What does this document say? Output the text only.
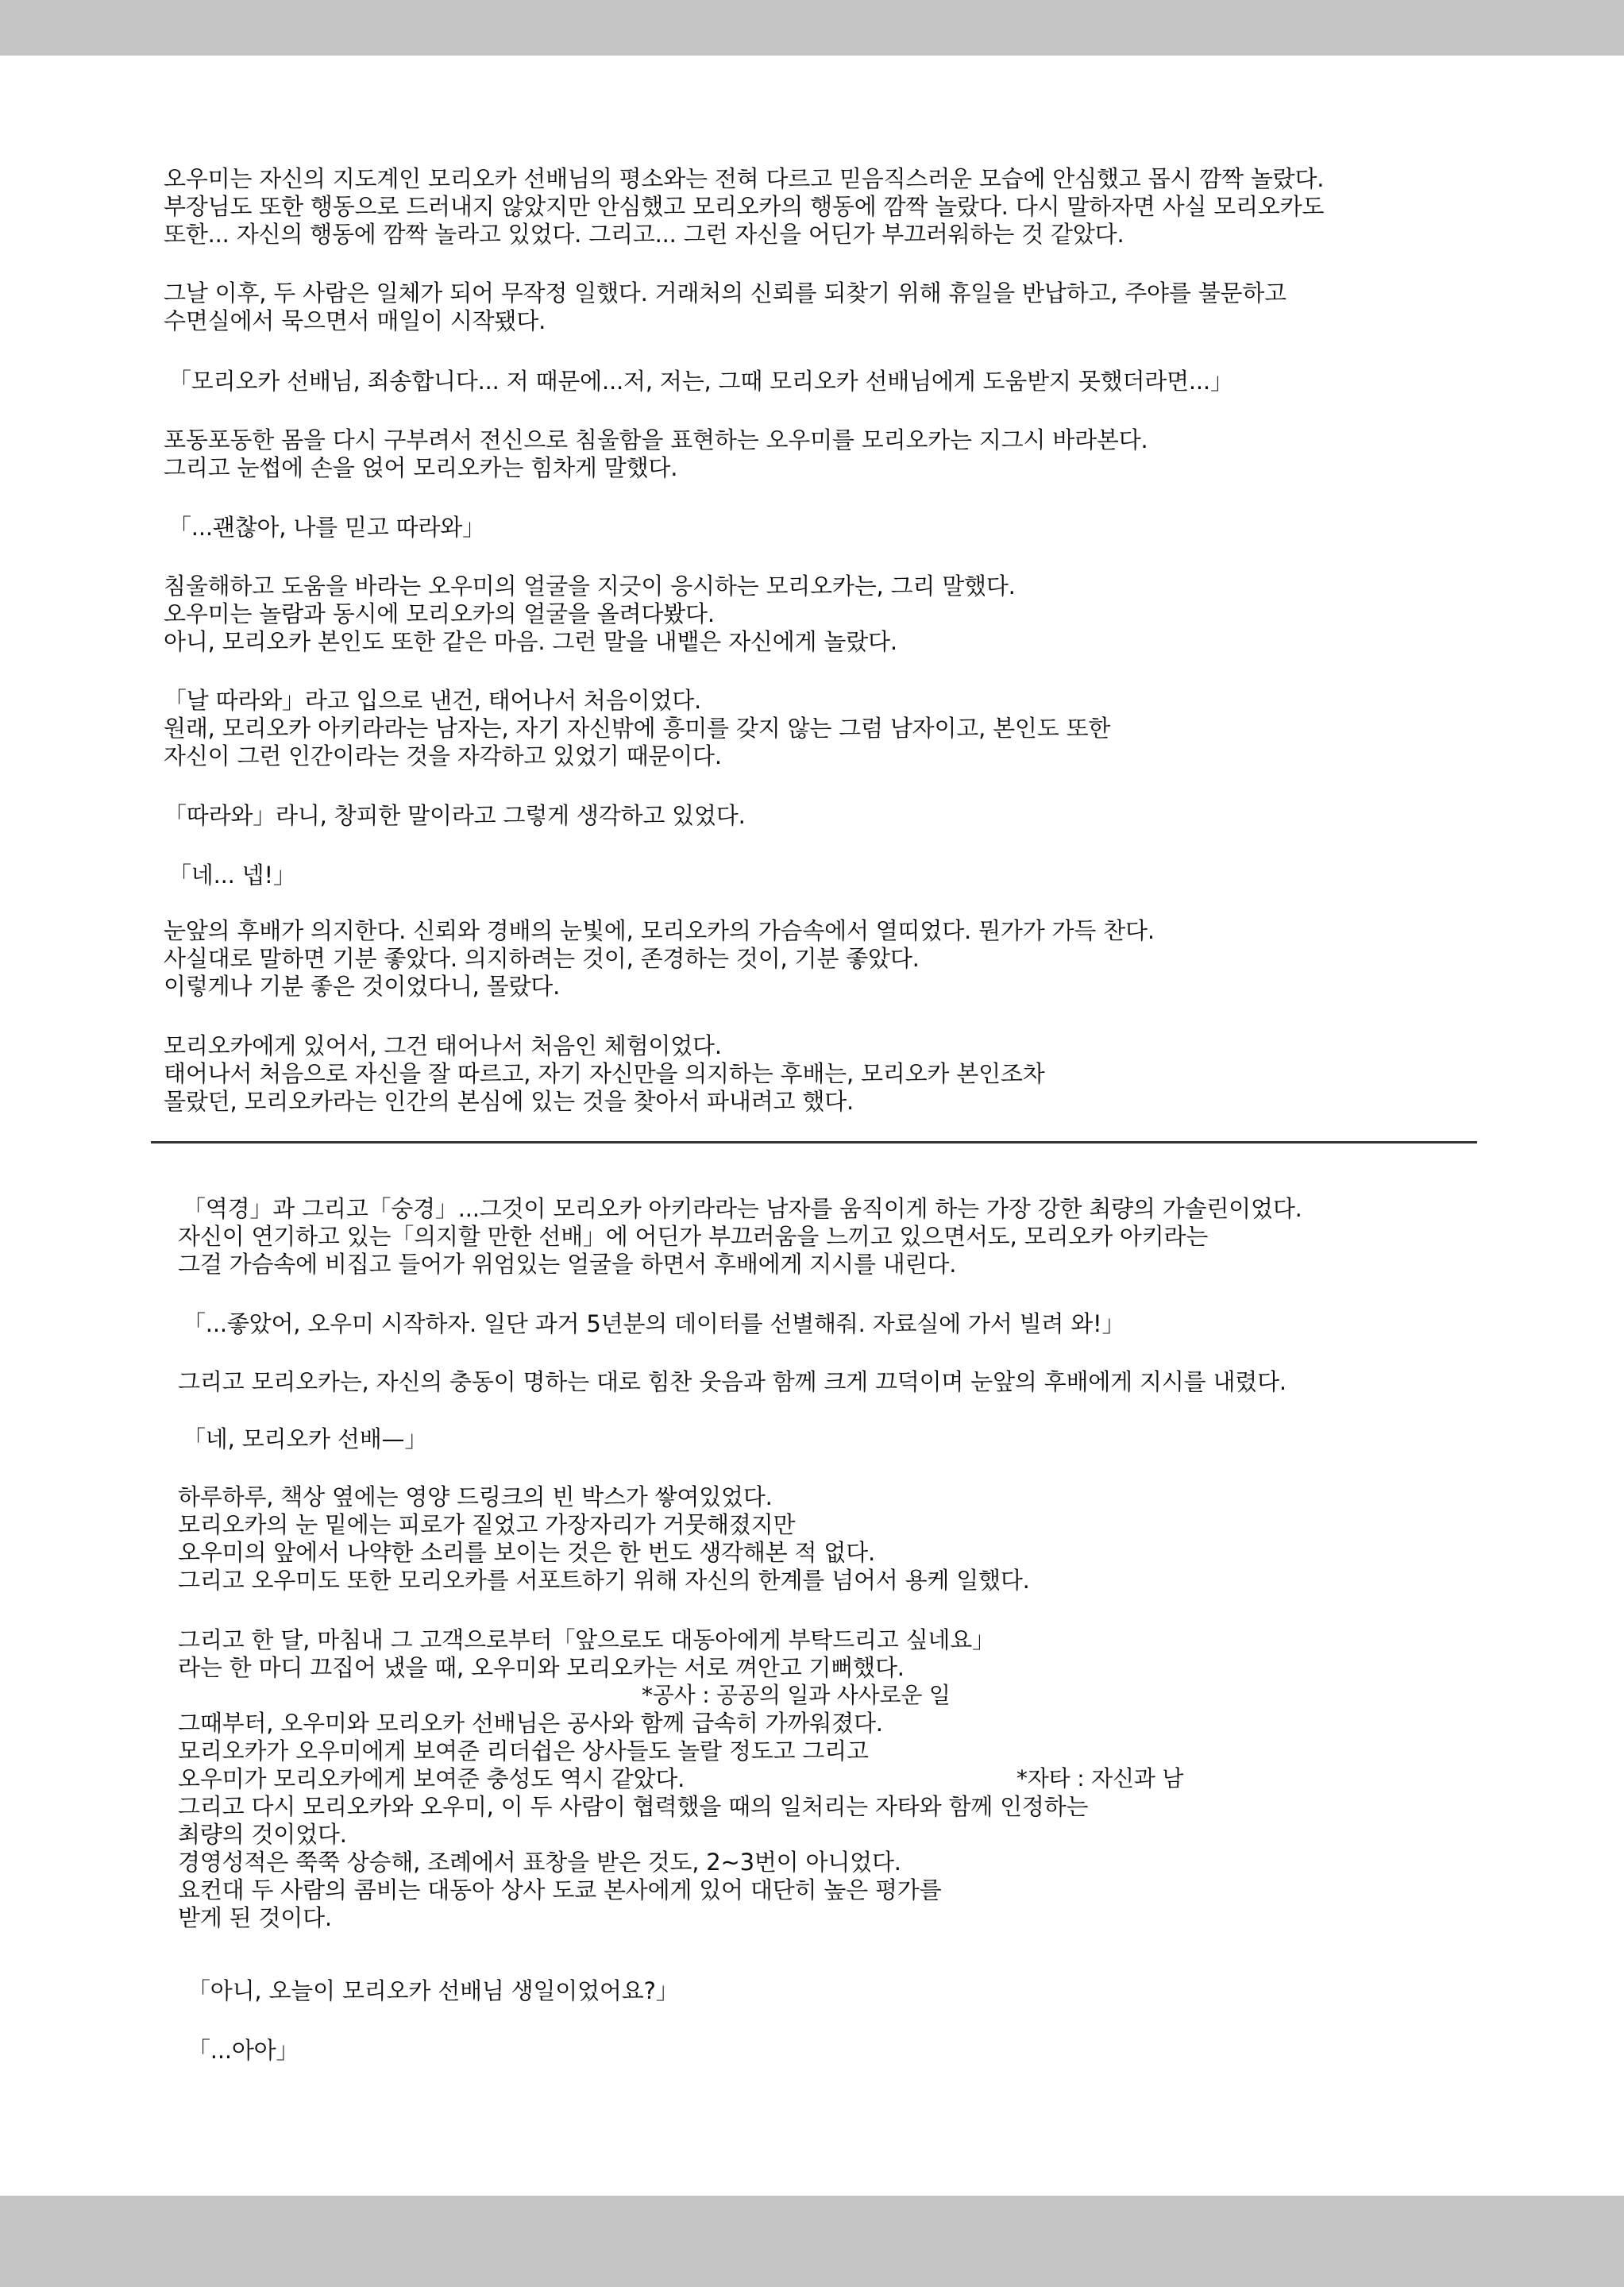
오우미는 자신의 지도계인 모리오카 선배님의 평소와는 전혀 다르고 믿음직스러운 모습에 안심했고 몹시 깜짝 놀랐다.
부장님도 또한 행동으로 드러내지 않았지만 안심했고 모리오카의 행동에 깜짝 놀랐다. 다시 말하자면 사실 모리오카도
또한... 자신의 행동에 깜짝 놀라고 있었다. 그리고... 그런 자신을 어딘가 부끄러워하는 것 같았다.
그날 이후, 두 사람은 일체가 되어 무작정 일했다. 거래처의 신뢰를 되찾기 위해 휴일을 반납하고, 주야를 불문하고
수면실에서 묵으면서 매일이 시작됐다.
「모리오카 선배님, 죄송합니다... 저 때문에...저, 저는, 그때 모리오카 선배님에게 도움받지 못했더라면...」
포동포동한 몸을 다시 구부려서 전신으로 침울함을 표현하는 오우미를 모리오카는 지그시 바라본다.
그리고 눈썹에 손을 얹어 모리오카는 힘차게 말했다.
「...괜찮아, 나를 믿고 따라와」
침울해하고 도움을 바라는 오우미의 얼굴을 지긋이 응시하는 모리오카는, 그리 말했다.
오우미는 놀람과 동시에 모리오카의 얼굴을 올려다봤다.
아니, 모리오카 본인도 또한 같은 마음. 그런 말을 내뱉은 자신에게 놀랐다.
「날 따라와」라고 입으로 낸건, 태어나서 처음이었다.
원래, 모리오카 아키라라는 남자는, 자기 자신밖에 흥미를 갖지 않는 그럼 남자이고, 본인도 또한
자신이 그런 인간이라는 것을 자각하고 있었기 때문이다.
「따라와」라니, 창피한 말이라고 그렇게 생각하고 있었다.
「네... 넵!」
눈앞의 후배가 의지한다. 신뢰와 경배의 눈빛에, 모리오카의 가슴속에서 열띠었다. 뭔가가 가득 찬다.
사실대로 말하면 기분 좋았다. 의지하려는 것이, 존경하는 것이, 기분 좋았다.
이렇게나 기분 좋은 것이었다니, 몰랐다.
모리오카에게 있어서, 그건 태어나서 처음인 체험이었다.
태어나서 처음으로 자신을 잘 따르고, 자기 자신만을 의지하는 후배는, 모리오카 본인조차
몰랐던, 모리오카라는 인간의 본심에 있는 것을 찾아서 파내려고 했다.
「역경」과 그리고「숭경」...그것이 모리오카 아키라라는 남자를 움직이게 하는 가장 강한 최량의 가솔린이었다.
자신이 연기하고 있는「의지할 만한 선배」에 어딘가 부끄러움을 느끼고 있으면서도, 모리오카 아키라는
그걸 가슴속에 비집고 들어가 위엄있는 얼굴을 하면서 후배에게 지시를 내린다.
「...좋았어, 오우미 시작하자. 일단 과거 5년분의 데이터를 선별해줘. 자료실에 가서 빌려 와!」
그리고 모리오카는, 자신의 충동이 명하는 대로 힘찬 웃음과 함께 크게 끄덕이며 눈앞의 후배에게 지시를 내렸다.
「네, 모리오카 선배—」
하루하루, 책상 옆에는 영양 드링크의 빈 박스가 쌓여있었다.
모리오카의 눈 밑에는 피로가 짙었고 가장자리가 거뭇해졌지만
오우미의 앞에서 나약한 소리를 보이는 것은 한 번도 생각해본 적 없다.
그리고 오우미도 또한 모리오카를 서포트하기 위해 자신의 한계를 넘어서 용케 일했다.
그리고 한 달, 마침내 그 고객으로부터「앞으로도 대동아에게 부탁드리고 싶네요」
라는 한 마디 끄집어 냈을 때, 오우미와 모리오카는 서로 껴안고 기뻐했다.
*공사 : 공공의 일과 사사로운 일
그때부터, 오우미와 모리오카 선배님은 공사와 함께 급속히 가까워졌다.
모리오카가 오우미에게 보여준 리더쉽은 상사들도 놀랄 정도고 그리고
오우미가 모리오카에게 보여준 충성도 역시 같았다.	*자타 : 자신과 남
그리고 다시 모리오카와 오우미, 이 두 사람이 협력했을 때의 일처리는 자타와 함께 인정하는
최량의 것이었다.
경영성적은 쭉쭉 상승해, 조례에서 표창을 받은 것도, 2~3번이 아니었다.
요컨대 두 사람의 콤비는 대동아 상사 도쿄 본사에게 있어 대단히 높은 평가를
받게 된 것이다.
「아니, 오늘이 모리오카 선배님 생일이었어요?」
「...아아」
